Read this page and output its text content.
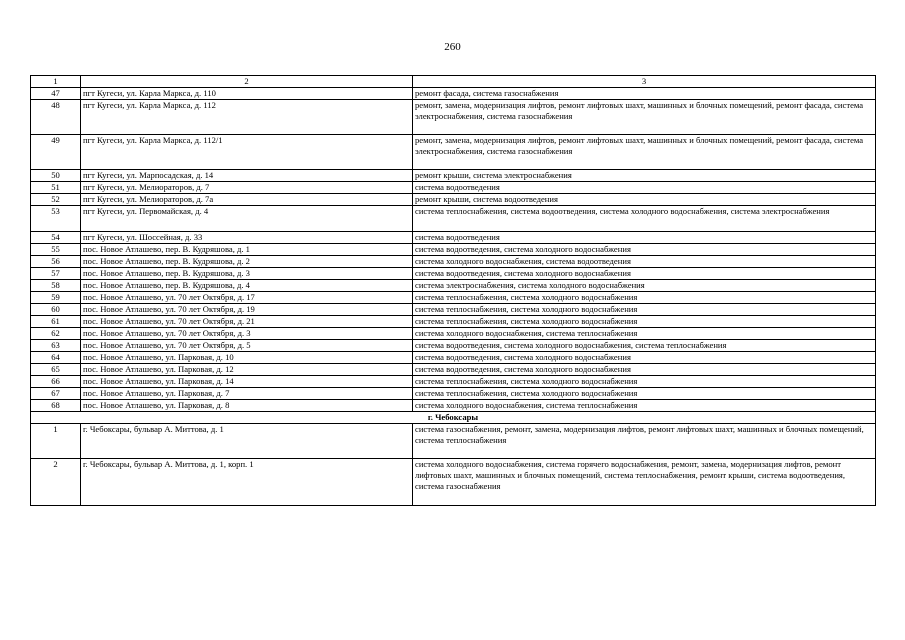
260
1	2	3
47	пгт Кугеси, ул. Карла Маркса, д. 110	ремонт фасада, система газоснабжения
48	пгт Кугеси, ул. Карла Маркса, д. 112	ремонт, замена, модернизация лифтов, ремонт лифтовых шахт, машинных и блочных помещений, ремонт фасада, система электроснабжения, система газоснабжения
49	пгт Кугеси, ул. Карла Маркса, д. 112/1	ремонт, замена, модернизация лифтов, ремонт лифтовых шахт, машинных и блочных помещений, ремонт фасада, система электроснабжения, система газоснабжения
50	пгт Кугеси, ул. Марпосадская, д. 14	ремонт крыши, система электроснабжения
51	пгт Кугеси, ул. Мелиораторов, д. 7	система водоотведения
52	пгт Кугеси, ул. Мелиораторов, д. 7а	ремонт крыши, система водоотведения
53	пгт Кугеси, ул. Первомайская, д. 4	система теплоснабжения, система водоотведения, система холодного водоснабжения, система электроснабжения
54	пгт Кугеси, ул. Шоссейная, д. 33	система водоотведения
55	пос. Новое Атлашево, пер. В. Кудряшова, д. 1	система водоотведения, система холодного водоснабжения
56	пос. Новое Атлашево, пер. В. Кудряшова, д. 2	система холодного водоснабжения, система водоотведения
57	пос. Новое Атлашево, пер. В. Кудряшова, д. 3	система водоотведения, система холодного водоснабжения
58	пос. Новое Атлашево, пер. В. Кудряшова, д. 4	система электроснабжения, система холодного водоснабжения
59	пос. Новое Атлашево, ул. 70 лет Октября, д. 17	система теплоснабжения, система холодного водоснабжения
60	пос. Новое Атлашево, ул. 70 лет Октября, д. 19	система теплоснабжения, система холодного водоснабжения
61	пос. Новое Атлашево, ул. 70 лет Октября, д. 21	система теплоснабжения, система холодного водоснабжения
62	пос. Новое Атлашево, ул. 70 лет Октября, д. 3	система холодного водоснабжения, система теплоснабжения
63	пос. Новое Атлашево, ул. 70 лет Октября, д. 5	система водоотведения, система холодного водоснабжения, система теплоснабжения
64	пос. Новое Атлашево, ул. Парковая, д. 10	система водоотведения, система холодного водоснабжения
65	пос. Новое Атлашево, ул. Парковая, д. 12	система водоотведения, система холодного водоснабжения
66	пос. Новое Атлашево, ул. Парковая, д. 14	система теплоснабжения, система холодного водоснабжения
67	пос. Новое Атлашево, ул. Парковая, д. 7	система теплоснабжения, система холодного водоснабжения
68	пос. Новое Атлашево, ул. Парковая, д. 8	система холодного водоснабжения, система теплоснабжения
г. Чебоксары		
1	г. Чебоксары, бульвар А. Миттова, д. 1	система газоснабжения, ремонт, замена, модернизация лифтов, ремонт лифтовых шахт, машинных и блочных помещений, система теплоснабжения
2	г. Чебоксары, бульвар А. Миттова, д. 1, корп. 1	система холодного водоснабжения, система горячего водоснабжения, ремонт, замена, модернизация лифтов, ремонт лифтовых шахт, машинных и блочных помещений, система теплоснабжения, ремонт крыши, система водоотведения, система газоснабжения
